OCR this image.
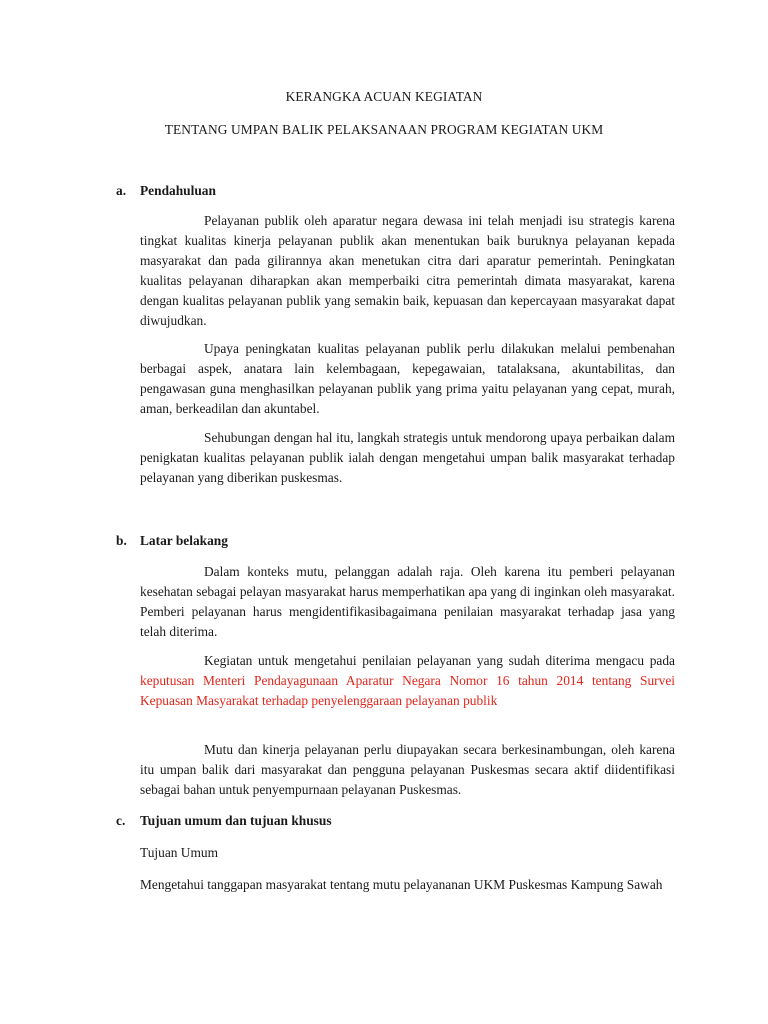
KERANGKA ACUAN KEGIATAN
TENTANG UMPAN BALIK PELAKSANAAN PROGRAM KEGIATAN UKM
a. Pendahuluan

Pelayanan publik oleh aparatur negara dewasa ini telah menjadi isu strategis karena tingkat kualitas kinerja pelayanan publik akan menentukan baik buruknya pelayanan kepada masyarakat dan pada gilirannya akan menetukan citra dari aparatur pemerintah. Peningkatan kualitas pelayanan diharapkan akan memperbaiki citra pemerintah dimata masyarakat, karena dengan kualitas pelayanan publik yang semakin baik, kepuasan dan kepercayaan masyarakat dapat diwujudkan.

Upaya peningkatan kualitas pelayanan publik perlu dilakukan melalui pembenahan berbagai aspek, anatara lain kelembagaan, kepegawaian, tatalaksana, akuntabilitas, dan pengawasan guna menghasilkan pelayanan publik yang prima yaitu pelayanan yang cepat, murah, aman, berkeadilan dan akuntabel.

Sehubungan dengan hal itu, langkah strategis untuk mendorong upaya perbaikan dalam penigkatan kualitas pelayanan publik ialah dengan mengetahui umpan balik masyarakat terhadap pelayanan yang diberikan puskesmas.

b. Latar belakang

Dalam konteks mutu, pelanggan adalah raja. Oleh karena itu pemberi pelayanan kesehatan sebagai pelayan masyarakat harus memperhatikan apa yang di inginkan oleh masyarakat. Pemberi pelayanan harus mengidentifikasibagaimana penilaian masyarakat terhadap jasa yang telah diterima.

Kegiatan untuk mengetahui penilaian pelayanan yang sudah diterima mengacu pada keputusan Menteri Pendayagunaan Aparatur Negara Nomor 16 tahun 2014 tentang Survei Kepuasan Masyarakat terhadap penyelenggaraan pelayanan publik

Mutu dan kinerja pelayanan perlu diupayakan secara berkesinambungan, oleh karena itu umpan balik dari masyarakat dan pengguna pelayanan Puskesmas secara aktif diidentifikasi sebagai bahan untuk penyempurnaan pelayanan Puskesmas.

c. Tujuan umum dan tujuan khusus

Tujuan Umum

Mengetahui tanggapan masyarakat tentang mutu pelayananan UKM Puskesmas Kampung Sawah
